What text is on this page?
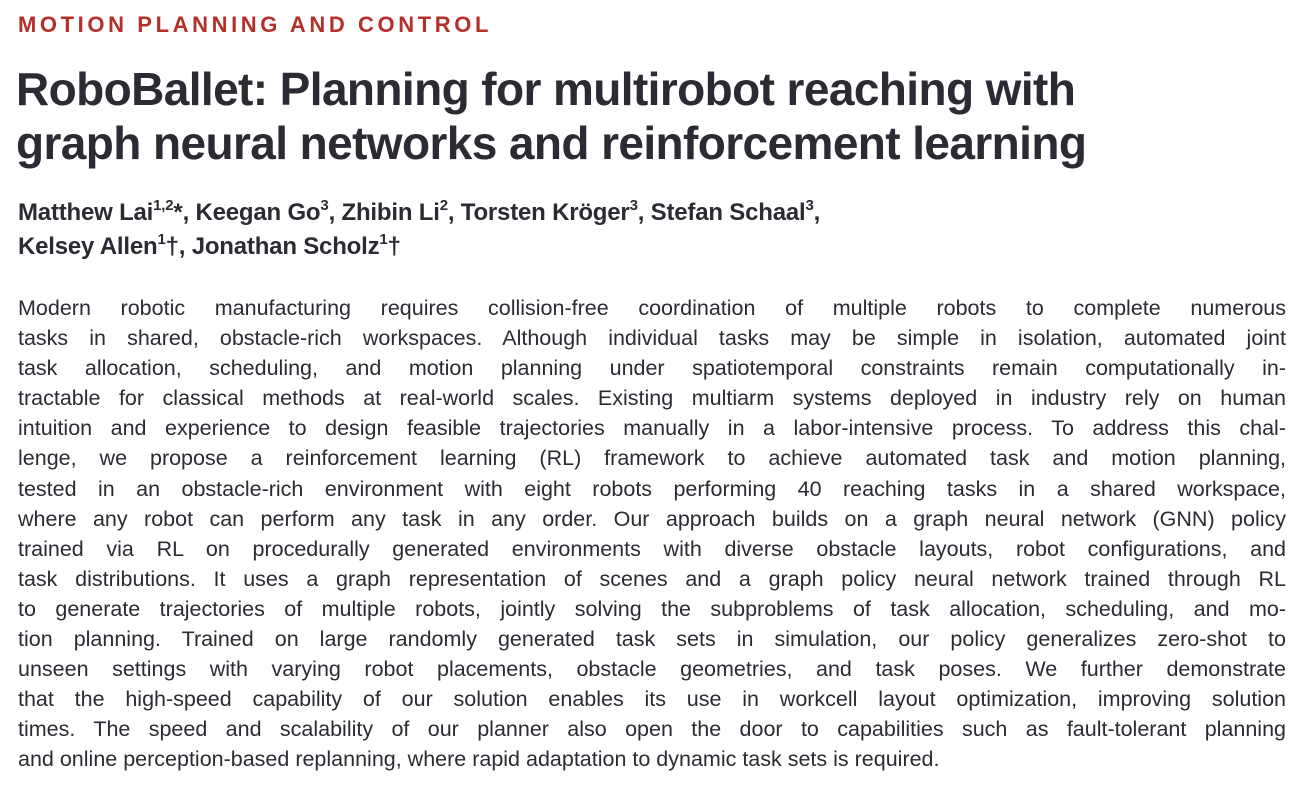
MOTION PLANNING AND CONTROL
RoboBallet: Planning for multirobot reaching with
graph neural networks and reinforcement learning
Matthew Lai$^{1,2}$*, Keegan Go$^3$, Zhibin Li$^2$, Torsten Kröger$^3$, Stefan Schaal$^3$,
Kelsey Allen$^1$†, Jonathan Scholz$^1$†
Modern robotic manufacturing requires collision-free coordination of multiple robots to complete numerous
tasks in shared, obstacle-rich workspaces. Although individual tasks may be simple in isolation, automated joint
task allocation, scheduling, and motion planning under spatiotemporal constraints remain computationally in-
tractable for classical methods at real-world scales. Existing multiarm systems deployed in industry rely on human
intuition and experience to design feasible trajectories manually in a labor-intensive process. To address this chal-
lenge, we propose a reinforcement learning (RL) framework to achieve automated task and motion planning,
tested in an obstacle-rich environment with eight robots performing 40 reaching tasks in a shared workspace,
where any robot can perform any task in any order. Our approach builds on a graph neural network (GNN) policy
trained via RL on procedurally generated environments with diverse obstacle layouts, robot configurations, and
task distributions. It uses a graph representation of scenes and a graph policy neural network trained through RL
to generate trajectories of multiple robots, jointly solving the subproblems of task allocation, scheduling, and mo-
tion planning. Trained on large randomly generated task sets in simulation, our policy generalizes zero-shot to
unseen settings with varying robot placements, obstacle geometries, and task poses. We further demonstrate
that the high-speed capability of our solution enables its use in workcell layout optimization, improving solution
times. The speed and scalability of our planner also open the door to capabilities such as fault-tolerant planning
and online perception-based replanning, where rapid adaptation to dynamic task sets is required.
